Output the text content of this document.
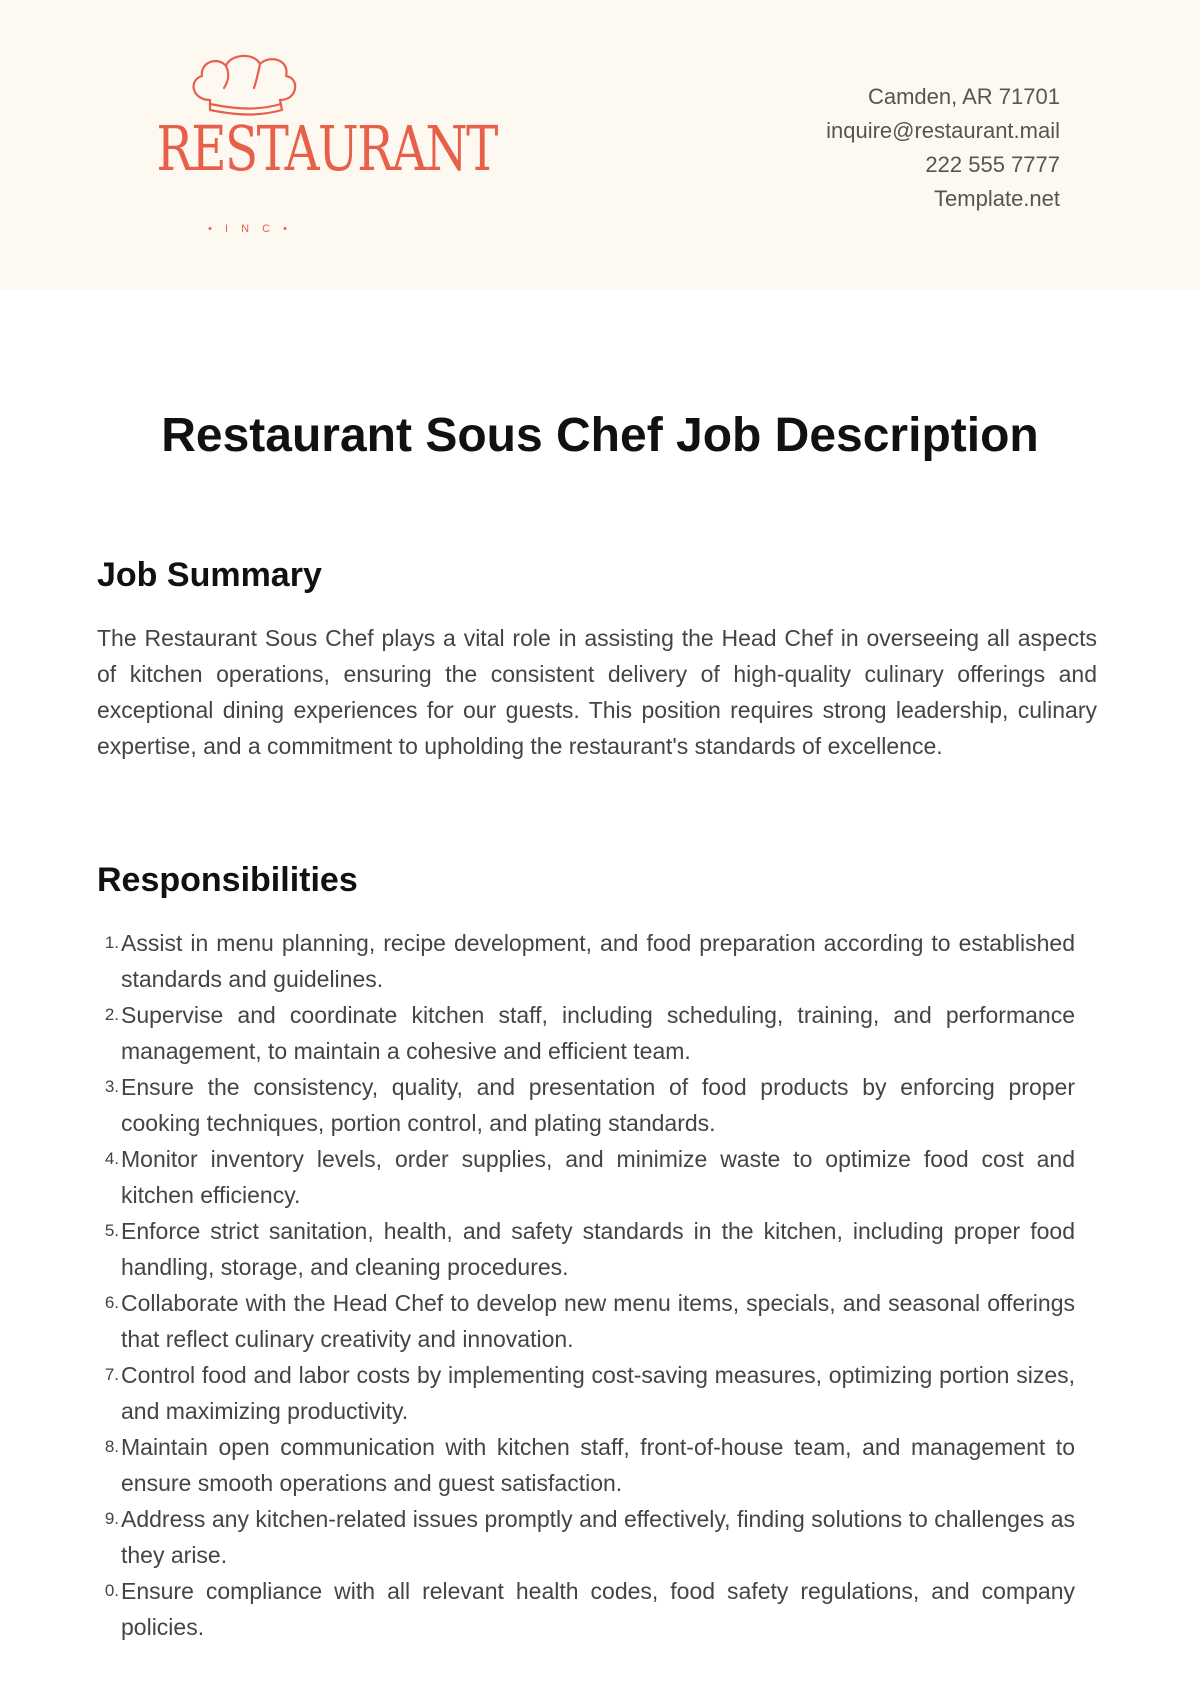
RESTAURANT
• I N C •
Camden, AR 71701
inquire@restaurant.mail
222 555 7777
Template.net
Restaurant Sous Chef Job Description
Job Summary

The Restaurant Sous Chef plays a vital role in assisting the Head Chef in overseeing all aspects of kitchen operations, ensuring the consistent delivery of high-quality culinary offerings and exceptional dining experiences for our guests. This position requires strong leadership, culinary expertise, and a commitment to upholding the restaurant's standards of excellence.

Responsibilities
1. Assist in menu planning, recipe development, and food preparation according to established standards and guidelines.
2. Supervise and coordinate kitchen staff, including scheduling, training, and performance management, to maintain a cohesive and efficient team.
3. Ensure the consistency, quality, and presentation of food products by enforcing proper cooking techniques, portion control, and plating standards.
4. Monitor inventory levels, order supplies, and minimize waste to optimize food cost and kitchen efficiency.
5. Enforce strict sanitation, health, and safety standards in the kitchen, including proper food handling, storage, and cleaning procedures.
6. Collaborate with the Head Chef to develop new menu items, specials, and seasonal offerings that reflect culinary creativity and innovation.
7. Control food and labor costs by implementing cost-saving measures, optimizing portion sizes, and maximizing productivity.
8. Maintain open communication with kitchen staff, front-of-house team, and management to ensure smooth operations and guest satisfaction.
9. Address any kitchen-related issues promptly and effectively, finding solutions to challenges as they arise.
0. Ensure compliance with all relevant health codes, food safety regulations, and company policies.
